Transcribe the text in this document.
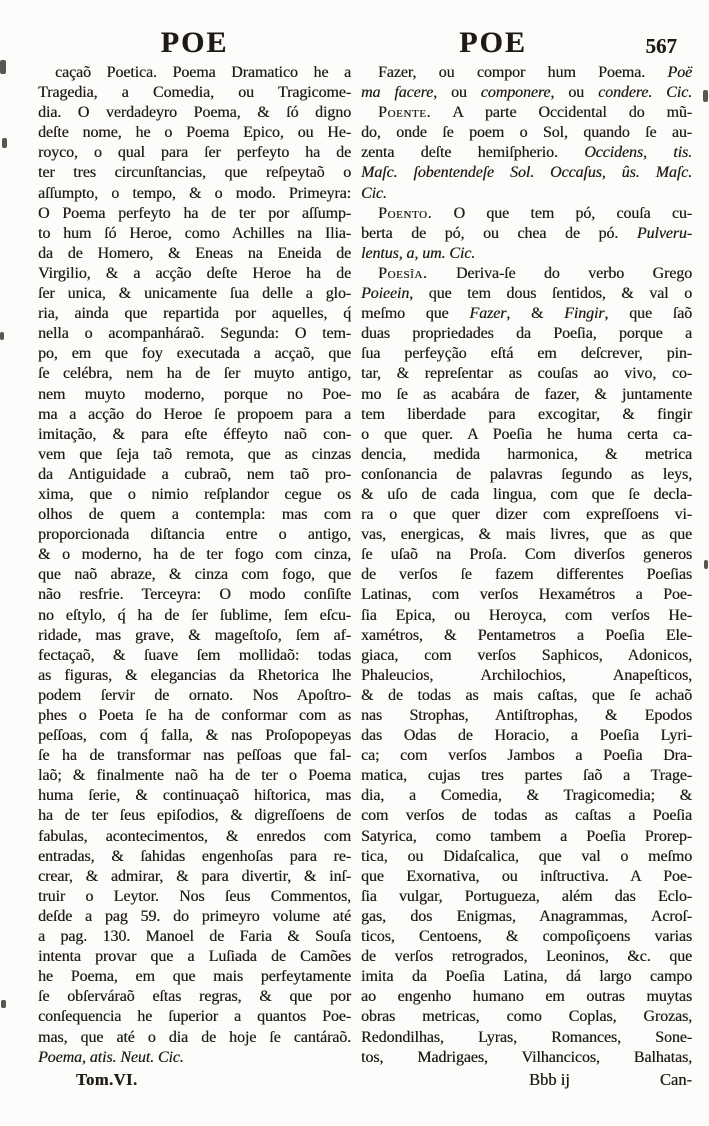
POE	POE	567
caçaõ Poetica. Poema Dramatico he a
Tragedia, a Comedia, ou Tragicome-
dia. O verdadeyro Poema, & ſó digno
deſte nome, he o Poema Epico, ou He-
royco, o qual para ſer perfeyto ha de
ter tres circunſtancias, que reſpeytaõ o
aſſumpto, o tempo, & o modo. Primeyra:
O Poema perfeyto ha de ter por aſſump-
to hum ſó Heroe, como Achilles na Ilia-
da de Homero, & Eneas na Eneida de
Virgilio, & a acção deſte Heroe ha de
ſer unica, & unicamente ſua delle a glo-
ria, ainda que repartida por aquelles, q́
nella o acompanháraõ. Segunda: O tem-
po, em que foy executada a acçaõ, que
ſe celébra, nem ha de ſer muyto antigo,
nem muyto moderno, porque no Poe-
ma a acção do Heroe ſe propoem para a
imitação, & para eſte éffeyto naõ con-
vem que ſeja taõ remota, que as cinzas
da Antiguidade a cubraõ, nem taõ pro-
xima, que o nimio reſplandor cegue os
olhos de quem a contempla: mas com
proporcionada diſtancia entre o antigo,
& o moderno, ha de ter fogo com cinza,
que naõ abraze, & cinza com fogo, que
não resfrie. Terceyra: O modo conſiſte
no eſtylo, q́ ha de ſer ſublime, ſem eſcu-
ridade, mas grave, & mageſtoſo, ſem af-
fectaçaõ, & ſuave ſem mollidaõ: todas
as figuras, & elegancias da Rhetorica lhe
podem ſervir de ornato. Nos Apoſtro-
phes o Poeta ſe ha de conformar com as
peſſoas, com q́ falla, & nas Proſopopeyas
ſe ha de transformar nas peſſoas que fal-
laõ; & finalmente naõ ha de ter o Poema
huma ſerie, & continuaçaõ hiſtorica, mas
ha de ter ſeus epiſodios, & digreſſoens de
fabulas, acontecimentos, & enredos com
entradas, & ſahidas engenhoſas para re-
crear, & admirar, & para divertir, & inſ-
truir o Leytor. Nos ſeus Commentos,
deſde a pag 59. do primeyro volume até
a pag. 130. Manoel de Faria & Souſa
intenta provar que a Luſiada de Camões
he Poema, em que mais perfeytamente
ſe obſerváraõ eſtas regras, & que por
conſequencia he ſuperior a quantos Poe-
mas, que até o dia de hoje ſe cantáraõ.
Poema, atis. Neut. Cic.
Fazer, ou compor hum Poema. Poë
ma facere, ou componere, ou condere. Cic.
Poente. A parte Occidental do mũ-
do, onde ſe poem o Sol, quando ſe au-
zenta deſte hemiſpherio. Occidens, tis.
Maſc. ſobentendeſe Sol. Occaſus, ûs. Maſc.
Cic.
Poento. O que tem pó, couſa cu-
berta de pó, ou chea de pó. Pulveru-
lentus, a, um. Cic.
Poesîa. Deriva-ſe do verbo Grego
Poieein, que tem dous ſentidos, & val o
meſmo que Fazer, & Fingir, que ſaõ
duas propriedades da Poeſia, porque a
ſua perfeyção eſtá em deſcrever, pin-
tar, & repreſentar as couſas ao vivo, co-
mo ſe as acabára de fazer, & juntamente
tem liberdade para excogitar, & fingir
o que quer. A Poeſia he huma certa ca-
dencia, medida harmonica, & metrica
conſonancia de palavras ſegundo as leys,
& uſo de cada lingua, com que ſe decla-
ra o que quer dizer com expreſſoens vi-
vas, energicas, & mais livres, que as que
ſe uſaõ na Proſa. Com diverſos generos
de verſos ſe fazem differentes Poeſias
Latinas, com verſos Hexamétros a Poe-
ſia Epica, ou Heroyca, com verſos He-
xamétros, & Pentametros a Poeſia Ele-
giaca, com verſos Saphicos, Adonicos,
Phaleucios, Archilochios, Anapeſticos,
& de todas as mais caſtas, que ſe achaõ
nas Strophas, Antiſtrophas, & Epodos
das Odas de Horacio, a Poeſia Lyri-
ca; com verſos Jambos a Poeſia Dra-
matica, cujas tres partes ſaõ a Trage-
dia, a Comedia, & Tragicomedia; &
com verſos de todas as caſtas a Poeſia
Satyrica, como tambem a Poeſia Prorep-
tica, ou Didaſcalica, que val o meſmo
que Exornativa, ou inſtructiva. A Poe-
ſia vulgar, Portugueza, além das Eclo-
gas, dos Enigmas, Anagrammas, Acroſ-
ticos, Centoens, & compoſiçoens varias
de verſos retrogrados, Leoninos, &c. que
imita da Poeſia Latina, dá largo campo
ao engenho humano em outras muytas
obras metricas, como Coplas, Grozas,
Redondilhas, Lyras, Romances, Sone-
tos, Madrigaes, Vilhancicos, Balhatas,
Tom.VI.	Bbb ij	Can-
